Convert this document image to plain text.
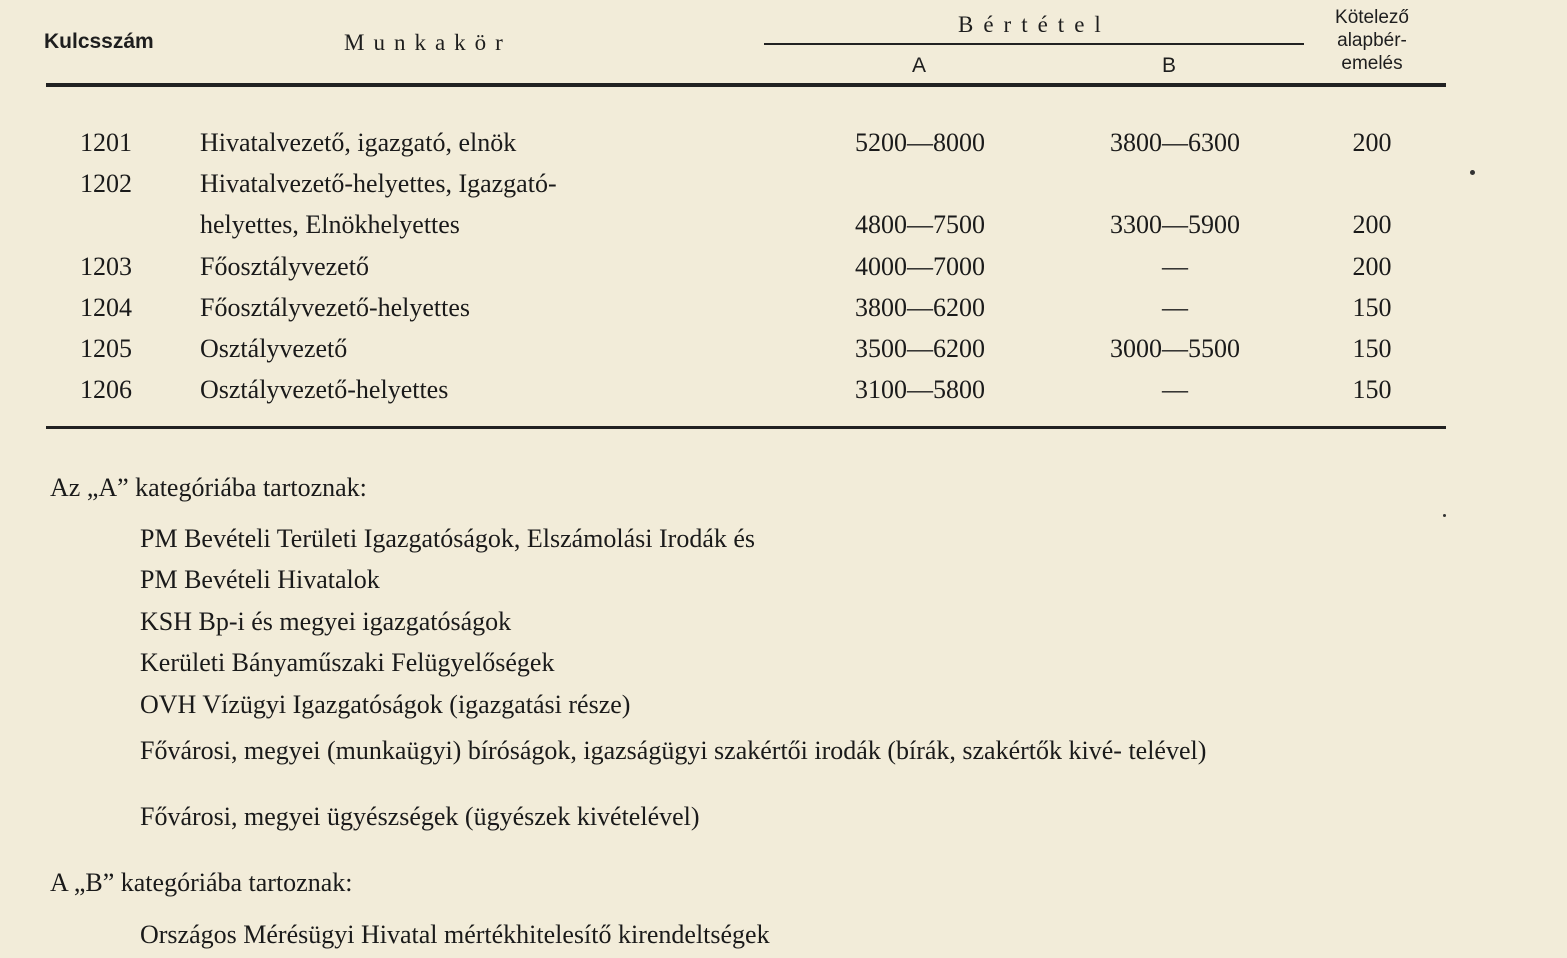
Kulcsszám	Munkakör
Bértétel
A	B
Kötelező
alapbér-
emelés
1201	Hivatalvezető, igazgató, elnök	5200—8000	3800—6300	200
1202	Hivatalvezető-helyettes, Igazgató-
helyettes, Elnökhelyettes	4800—7500	3300—5900	200
1203	Főosztályvezető	4000—7000	—	200
1204	Főosztályvezető-helyettes	3800—6200	—	150
1205	Osztályvezető	3500—6200	3000—5500	150
1206	Osztályvezető-helyettes	3100—5800	—	150
Az „A” kategóriába tartoznak:
PM Bevételi Területi Igazgatóságok, Elszámolási Irodák és
PM Bevételi Hivatalok
KSH Bp-i és megyei igazgatóságok
Kerületi Bányaműszaki Felügyelőségek
OVH Vízügyi Igazgatóságok (igazgatási része)
Fővárosi, megyei (munkaügyi) bíróságok, igazságügyi szakértői irodák (bírák, szakértők kivé- telével)
Fővárosi, megyei ügyészségek (ügyészek kivételével)
A „B” kategóriába tartoznak:
Országos Mérésügyi Hivatal mértékhitelesítő kirendeltségek
